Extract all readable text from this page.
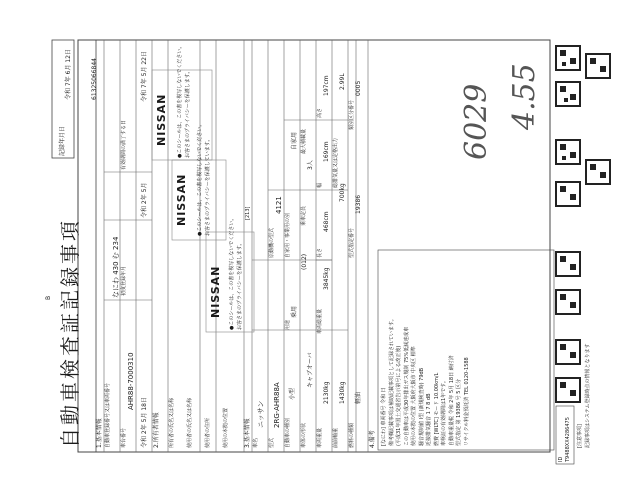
自動車検査証記録事項
記録年月日
令和 7年 6月 12日	61325066844
B
1.基本情報 自動車登録番号又は車両番号
なにわ 430 む 234
車台番号
AHR88-7000310
初度登録年月
令和 2年 5月
令和 2年 5月 18日
有効期間の満了する日
令和 7年 5月 22日
2.所有者情報 所有者の氏名又は名称 使用者の氏名又は名称 使用者の住所 使用の本拠の位置
NISSAN ●このシールは、この書を複写しないでください。 お客さまのプライバシーを保護します。
NISSAN ●このシールは、この書を複写しないでください。 お客さまのプライバシーを保護しています。
NISSAN ●このシールは、この書を複写しないでください。 お客さまのプライバシーを保護します。
3.基本情報
[213]
車名
ニッサン
型式
2RG-AHR88A
原動機の型式
4121
自動車の種別
小型
用途
乗用
自家用・事業用の別
自家用
車体の形状
(012)
キャブオーバ
乗車定員
3人
最大積載量
車両重量
2130kg
車両総重量
3845kg
長さ
468cm
幅
169cm
高さ
197cm
前前軸重
1430kg
700kg
総排気量又は定格出力
2.99L
燃料の種類
軽油
型式指定番号
19386
類別区分番号
0005
4.備考 [なにわ] 車両番号 令和 日 備考欄記載事項は補助記載事項として記録されています。 (平成31年国土交通省告示第号による改正後) この自動車は平成30年排出ガス規制 75%低減達成車 使用の本拠の位置 大阪府大阪市 中央区 標準 騒音規制値 Ⅰ型 (新規検査時) 79dB 近接排気騒音 1 7 8 dB 燃費 [WLTC] モード 10.00km/L 車検証の有効期間は1年です。 自動車重量税 令和 2年 5月 18日 納付済 型式指定 第 19386 号 5 区分 リサイクル料金預託済 TEL 0120-1588
6029 4.55
[注意事項] 記録事項はシステム登録時点の情報となります
ID T9488XX4286475
